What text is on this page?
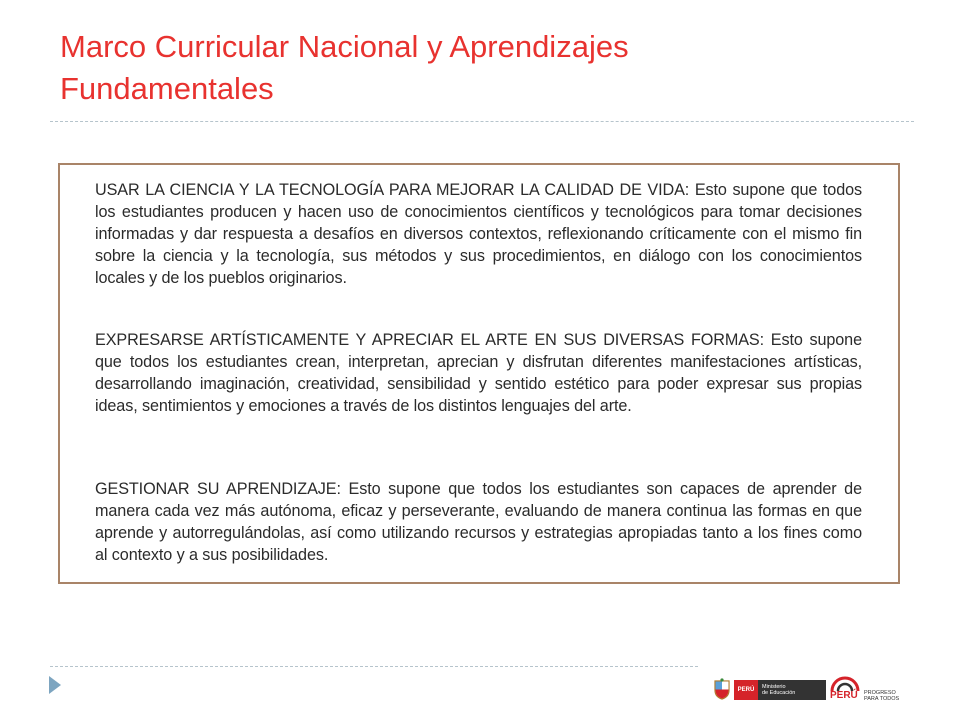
Marco Curricular Nacional y Aprendizajes
Fundamentales
USAR LA CIENCIA Y LA TECNOLOGÍA PARA MEJORAR LA CALIDAD DE VIDA: Esto supone que todos los estudiantes producen y hacen uso de conocimientos científicos y tecnológicos para tomar decisiones informadas y dar respuesta a desafíos en diversos contextos, reflexionando críticamente con el mismo fin sobre la ciencia y la tecnología, sus métodos y sus procedimientos, en diálogo con los conocimientos locales y de los pueblos originarios.
EXPRESARSE ARTÍSTICAMENTE Y APRECIAR EL ARTE EN SUS DIVERSAS FORMAS: Esto supone que todos los estudiantes crean, interpretan, aprecian y disfrutan diferentes manifestaciones artísticas, desarrollando imaginación, creatividad, sensibilidad y sentido estético para poder expresar sus propias ideas, sentimientos y emociones a través de los distintos lenguajes del arte.
GESTIONAR SU APRENDIZAJE: Esto supone que todos los estudiantes son capaces de aprender de manera cada vez más autónoma, eficaz y perseverante, evaluando de manera continua las formas en que aprende y autorregulándolas, así como utilizando recursos y estrategias apropiadas tanto a los fines como al contexto y a sus posibilidades.
PERÚ	Ministerio
de Educación	PERÚ PROGRESO
PARA TODOS
